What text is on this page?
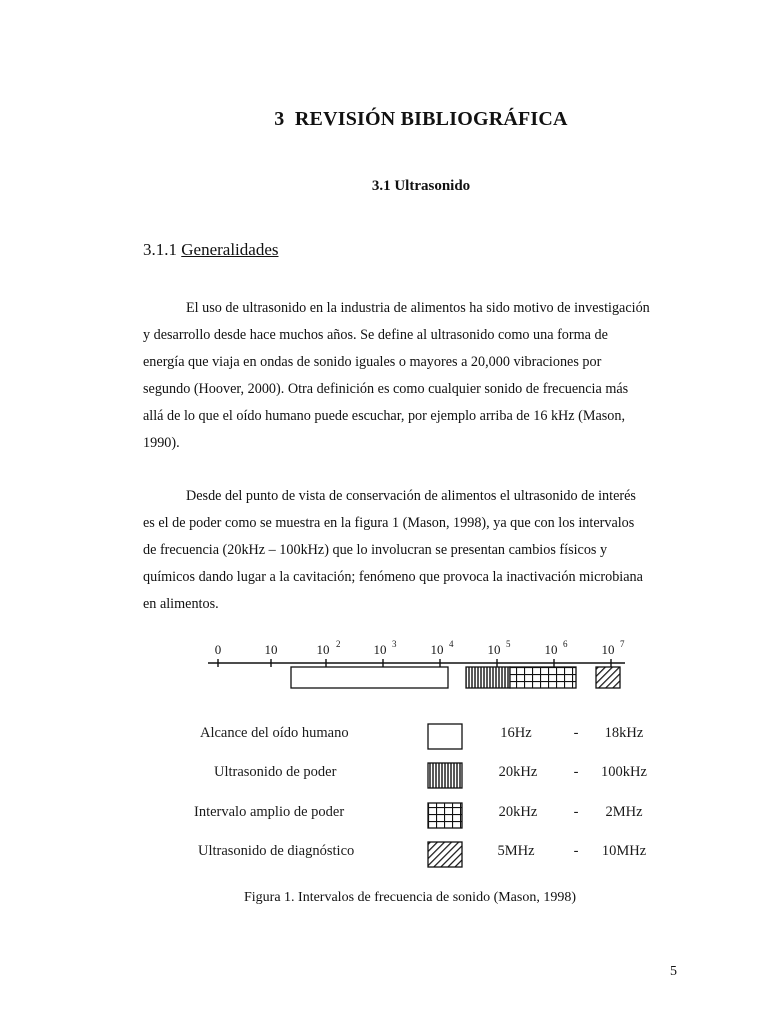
3 REVISIÓN BIBLIOGRÁFICA
3.1 Ultrasonido
3.1.1 Generalidades
El uso de ultrasonido en la industria de alimentos ha sido motivo de investigación
y desarrollo desde hace muchos años. Se define al ultrasonido como una forma de
energía que viaja en ondas de sonido iguales o mayores a 20,000 vibraciones por
segundo (Hoover, 2000). Otra definición es como cualquier sonido de frecuencia más
allá de lo que el oído humano puede escuchar, por ejemplo arriba de 16 kHz (Mason,
1990).
Desde del punto de vista de conservación de alimentos el ultrasonido de interés
es el de poder como se muestra en la figura 1 (Mason, 1998), ya que con los intervalos
de frecuencia (20kHz – 100kHz) que lo involucran se presentan cambios físicos y
químicos dando lugar a la cavitación; fenómeno que provoca la inactivación microbiana
en alimentos.
0	10	10 2	10 3	10 4	10 5	10 6	10 7
Alcance del oído humano	16Hz	- 18kHz
Ultrasonido de poder	20kHz - 100kHz
Intervalo amplio de poder	20kHz - 2MHz
Ultrasonido de diagnóstico	5MHz	- 10MHz
Figura 1. Intervalos de frecuencia de sonido (Mason, 1998)
5
